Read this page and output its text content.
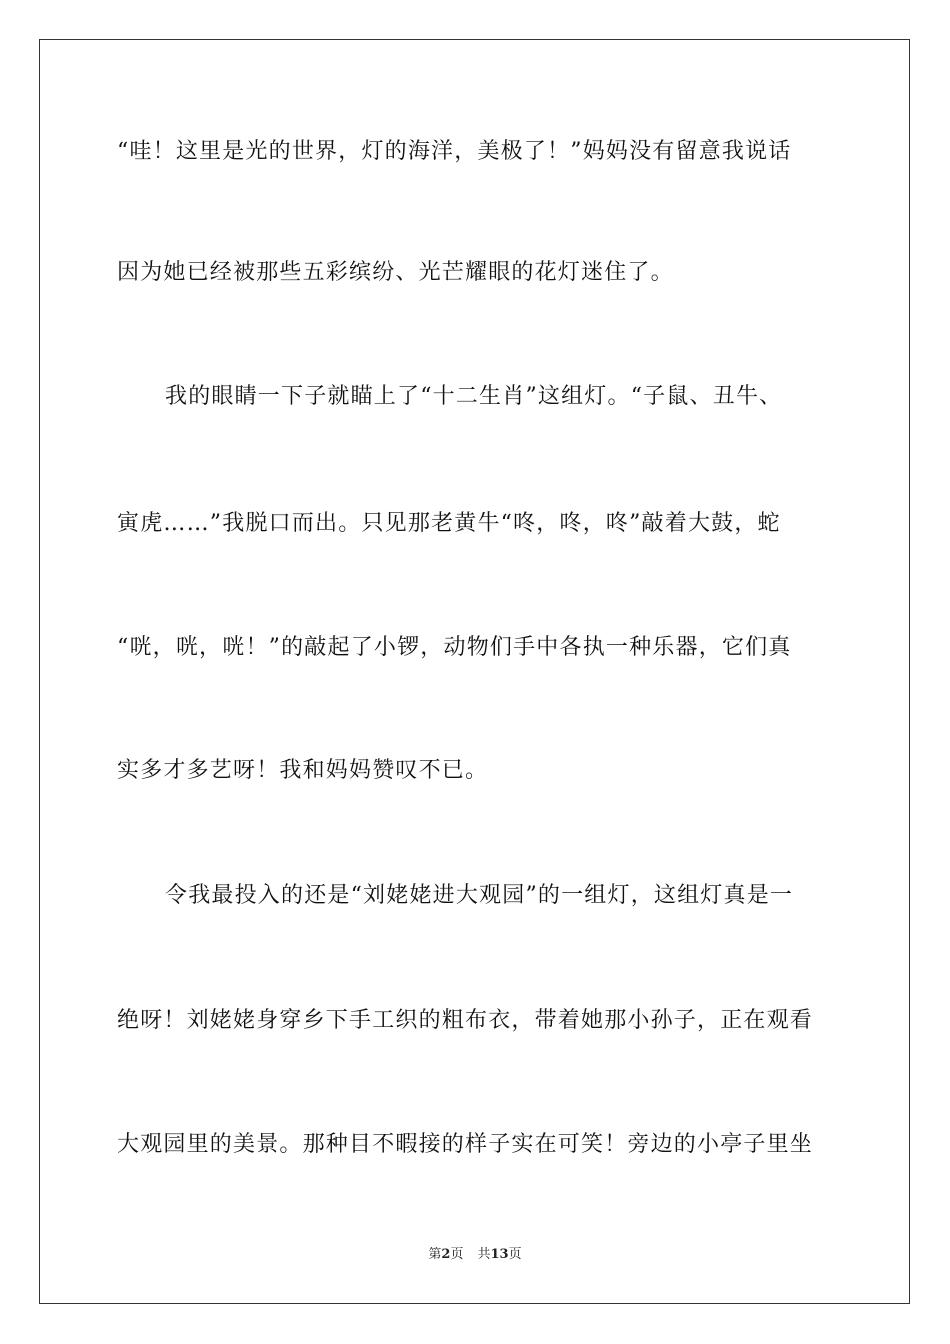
“哇！这里是光的世界，灯的海洋，美极了！”妈妈没有留意我说话
因为她已经被那些五彩缤纷、光芒耀眼的花灯迷住了。
我的眼睛一下子就瞄上了“十二生肖”这组灯。“子鼠、丑牛、
寅虎……”我脱口而出。只见那老黄牛“咚，咚，咚”敲着大鼓，蛇
“咣，咣，咣！”的敲起了小锣，动物们手中各执一种乐器，它们真
实多才多艺呀！我和妈妈赞叹不已。
令我最投入的还是“刘姥姥进大观园”的一组灯，这组灯真是一
绝呀！刘姥姥身穿乡下手工织的粗布衣，带着她那小孙子，正在观看
大观园里的美景。那种目不暇接的样子实在可笑！旁边的小亭子里坐
第2页 共13页
